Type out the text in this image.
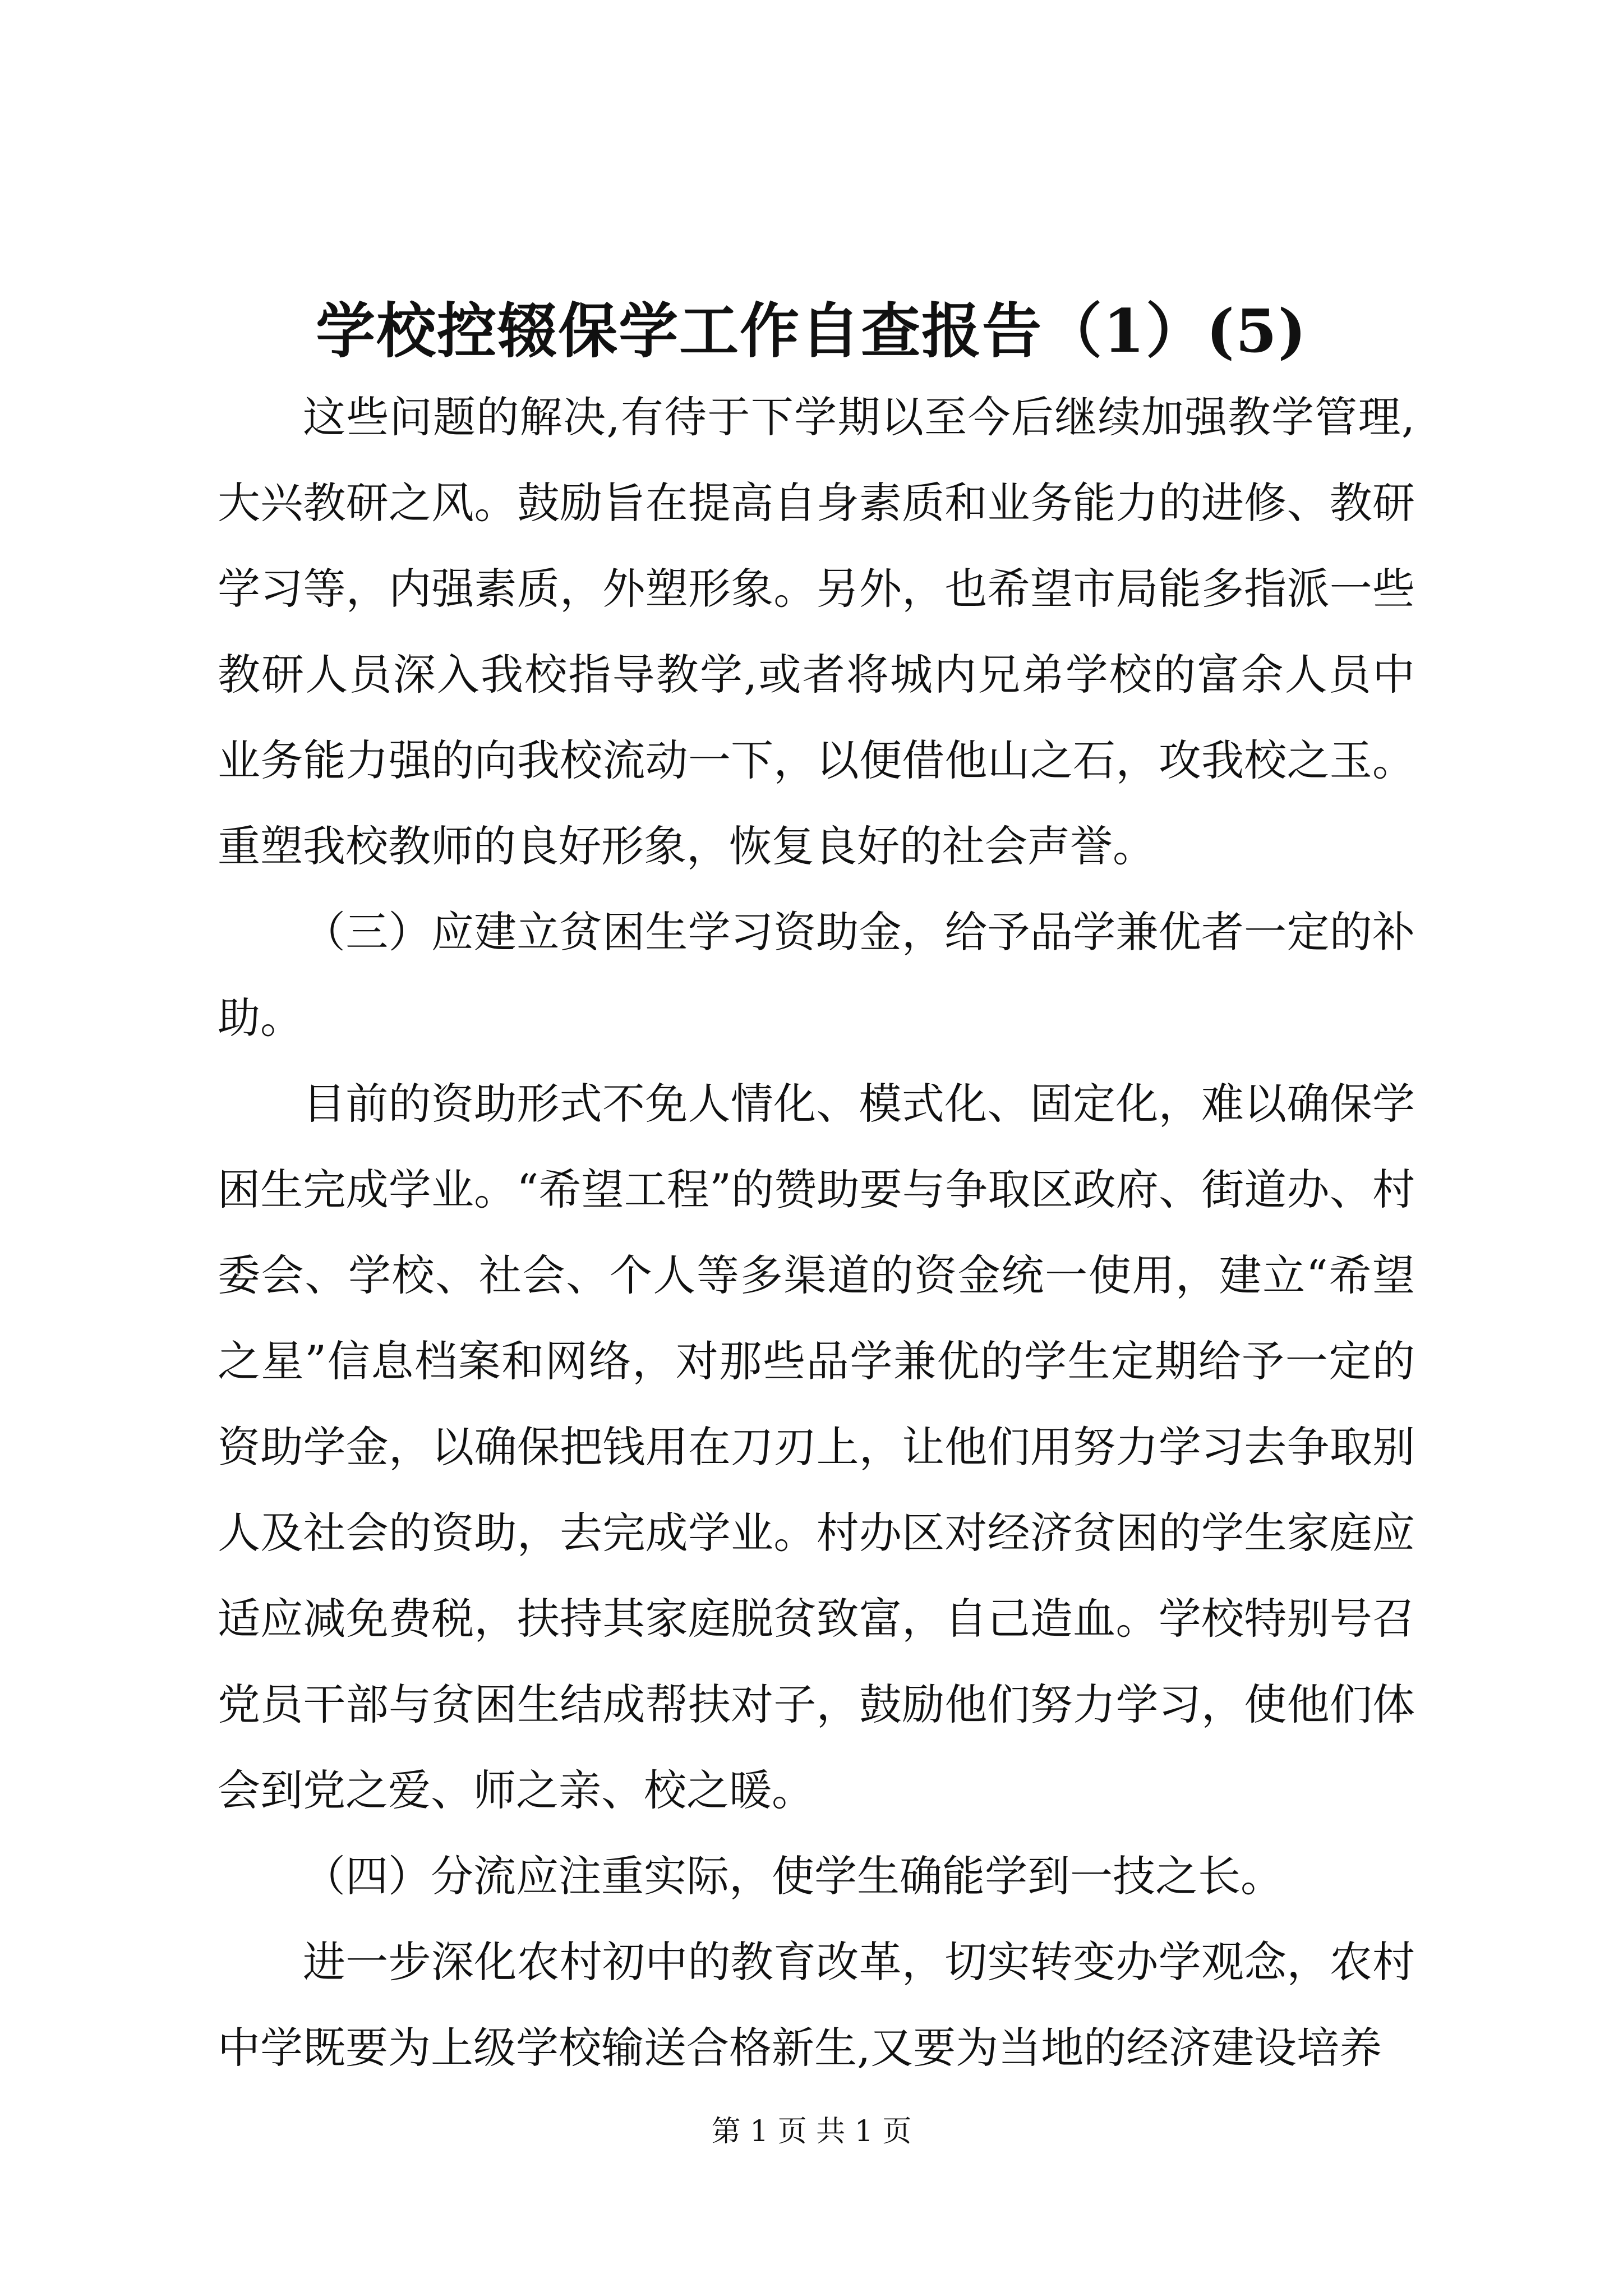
学校控辍保学工作自查报告（1）(5)

这些问题的解决,有待于下学期以至今后继续加强教学管理,大兴教研之风。鼓励旨在提高自身素质和业务能力的进修、教研学习等，内强素质，外塑形象。另外，也希望市局能多指派一些教研人员深入我校指导教学,或者将城内兄弟学校的富余人员中业务能力强的向我校流动一下，以便借他山之石，攻我校之玉。重塑我校教师的良好形象，恢复良好的社会声誉。

（三）应建立贫困生学习资助金，给予品学兼优者一定的补助。

目前的资助形式不免人情化、模式化、固定化，难以确保学困生完成学业。“希望工程”的赞助要与争取区政府、街道办、村委会、学校、社会、个人等多渠道的资金统一使用，建立“希望之星”信息档案和网络，对那些品学兼优的学生定期给予一定的资助学金，以确保把钱用在刀刃上，让他们用努力学习去争取别人及社会的资助，去完成学业。村办区对经济贫困的学生家庭应适应减免费税，扶持其家庭脱贫致富，自己造血。学校特别号召党员干部与贫困生结成帮扶对子，鼓励他们努力学习，使他们体会到党之爱、师之亲、校之暖。

（四）分流应注重实际，使学生确能学到一技之长。

进一步深化农村初中的教育改革，切实转变办学观念，农村中学既要为上级学校输送合格新生,又要为当地的经济建设培养

第 1 页 共 1 页
